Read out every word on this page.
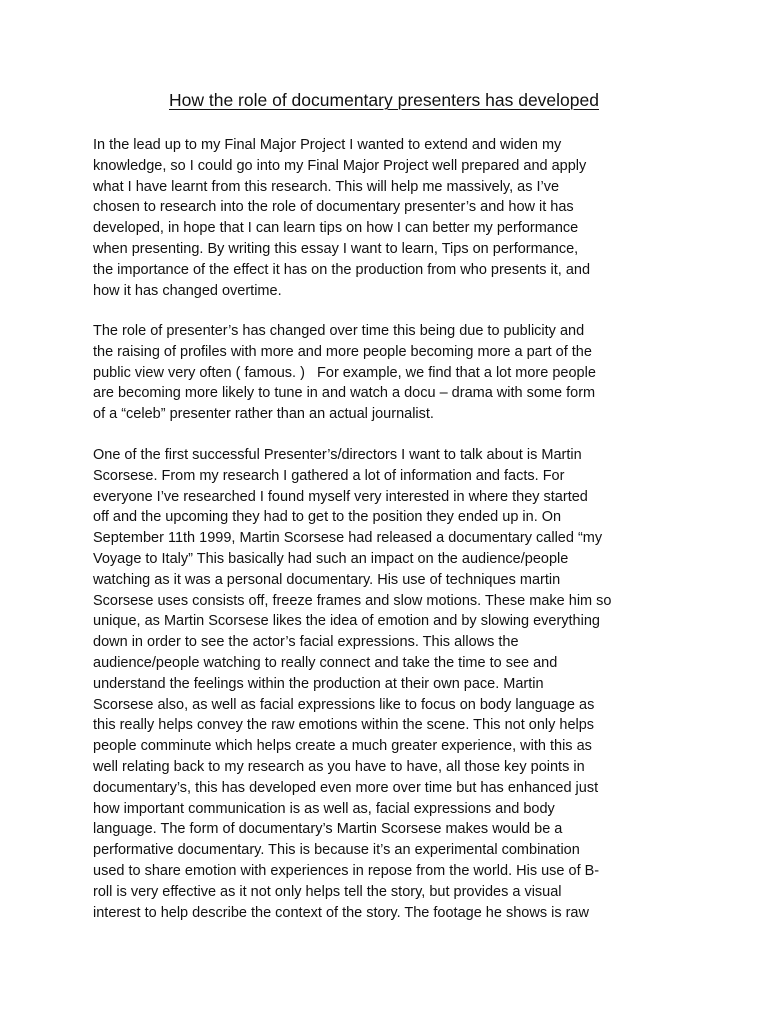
How the role of documentary presenters has developed

In the lead up to my Final Major Project I wanted to extend and widen my
knowledge, so I could go into my Final Major Project well prepared and apply
what I have learnt from this research. This will help me massively, as I’ve
chosen to research into the role of documentary presenter’s and how it has
developed, in hope that I can learn tips on how I can better my performance
when presenting. By writing this essay I want to learn, Tips on performance,
the importance of the effect it has on the production from who presents it, and
how it has changed overtime.

The role of presenter’s has changed over time this being due to publicity and
the raising of profiles with more and more people becoming more a part of the
public view very often ( famous. )   For example, we find that a lot more people
are becoming more likely to tune in and watch a docu – drama with some form
of a “celeb” presenter rather than an actual journalist.

One of the first successful Presenter’s/directors I want to talk about is Martin
Scorsese. From my research I gathered a lot of information and facts. For
everyone I’ve researched I found myself very interested in where they started
off and the upcoming they had to get to the position they ended up in. On
September 11th 1999, Martin Scorsese had released a documentary called “my
Voyage to Italy” This basically had such an impact on the audience/people
watching as it was a personal documentary. His use of techniques martin
Scorsese uses consists off, freeze frames and slow motions. These make him so
unique, as Martin Scorsese likes the idea of emotion and by slowing everything
down in order to see the actor’s facial expressions. This allows the
audience/people watching to really connect and take the time to see and
understand the feelings within the production at their own pace. Martin
Scorsese also, as well as facial expressions like to focus on body language as
this really helps convey the raw emotions within the scene. This not only helps
people comminute which helps create a much greater experience, with this as
well relating back to my research as you have to have, all those key points in
documentary’s, this has developed even more over time but has enhanced just
how important communication is as well as, facial expressions and body
language. The form of documentary’s Martin Scorsese makes would be a
performative documentary. This is because it’s an experimental combination
used to share emotion with experiences in repose from the world. His use of B-
roll is very effective as it not only helps tell the story, but provides a visual
interest to help describe the context of the story. The footage he shows is raw
